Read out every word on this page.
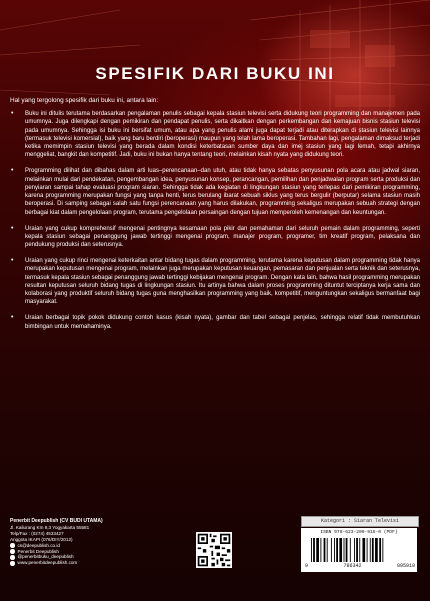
SPESIFIK DARI BUKU INI

Hal yang tergolong spesifik dari buku ini, antara lain:

• Buku ini ditulis terutama berdasarkan pengalaman penulis sebagai kepala stasiun televisi serta didukung teori programming dan manajemen pada umumnya. Juga dilengkapi dengan pemikiran dan pendapat penulis, serta dikaitkan dengan perkembangan dan kemajuan bisnis stasiun televisi pada umumnya. Sehingga isi buku ini bersifat umum, atau apa yang penulis alami juga dapat terjadi atau diterapkan di stasiun televisi lainnya (termasuk televisi komersial), baik yang baru berdiri (beroperasi) maupun yang telah lama beroperasi. Tambahan lagi, pengalaman dimaksud terjadi ketika memimpin stasiun televisi yang berada dalam kondisi keterbatasan sumber daya dan imej stasiun yang lagi lemah, tetapi akhirnya menggeliat, bangkit dan kompetitif. Jadi, buku ini bukan hanya tentang teori, melainkan kisah nyata yang didukung teori.
• Programming dilihat dan dibahas dalam arti luas–perencanaan–dan utuh, atau tidak hanya sebatas penyusunan pola acara atau jadwal siaran, melainkan mulai dari pendekatan, pengembangan idea, penyusunan konsep, perancangan, pemilihan dan penjadwalan program serta produksi dan penyiaran sampai tahap evaluasi program siaran. Sehingga tidak ada kegiatan di lingkungan stasiun yang terlepas dari pemikiran programming, karena programming merupakan fungsi yang tanpa henti, terus berulang ibarat sebuah siklus yang terus bergulir (berputar) selama stasiun masih beroperasi. Di samping sebagai salah satu fungsi perencanaan yang harus dilakukan, programming sekaligus merupakan sebuah strategi dengan berbagai kiat dalam pengelolaan program, terutama pengelolaan persaingan dengan tujuan memperoleh kemenangan dan keuntungan.
• Uraian yang cukup komprehensif mengenai pentingnya kesamaan pola pikir dan pemahaman dari seluruh pemain dalam programming, seperti kepala stasiun sebagai penanggung jawab tertinggi mengenai program, manajer program, programer, tim kreatif program, pelaksana dan pendukung produksi dan seterusnya.
• Uraian yang cukup rinci mengenai keterkaitan antar bidang tugas dalam programming, terutama karena keputusan dalam programming tidak hanya merupakan keputusan mengenai program, melainkan juga merupakan keputusan keuangan, pemasaran dan penjualan serta teknik dan seterusnya, termasuk kepala stasiun sebagai penanggung jawab tertinggi kebijakan mengenai program. Dengan kata lain, bahwa hasil programming merupakan resultan keputusan seluruh bidang tugas di lingkungan stasiun. Itu artinya bahwa dalam proses programming dituntut terciptanya kerja sama dan kolaborasi yang produktif seluruh bidang tugas guna menghasilkan programming yang baik, kompetitif, menguntungkan sekaligus bermanfaat bagi masyarakat.
• Uraian berbagai topik pokok didukung contoh kasus (kisah nyata), gambar dan tabel sebagai penjelas, sehingga relatif tidak membutuhkan bimbingan untuk memahaminya.
Penerbit Deepublish (CV BUDI UTAMA)
Jl. Kaliurang Km 9,3 Yogyakarta 55581
Telp/Fax : (0274) 4533427
Anggota IKAPI (076/DIY/2012)
cs@deepublish.co.id
Penerbit Deepublish
@penerbitbuku_deepublish
www.penerbitdeepublish.com
Kategori : Siaran Televisi
ISBN 978-623-209-915-0 (PDF)
9	786342	095910
